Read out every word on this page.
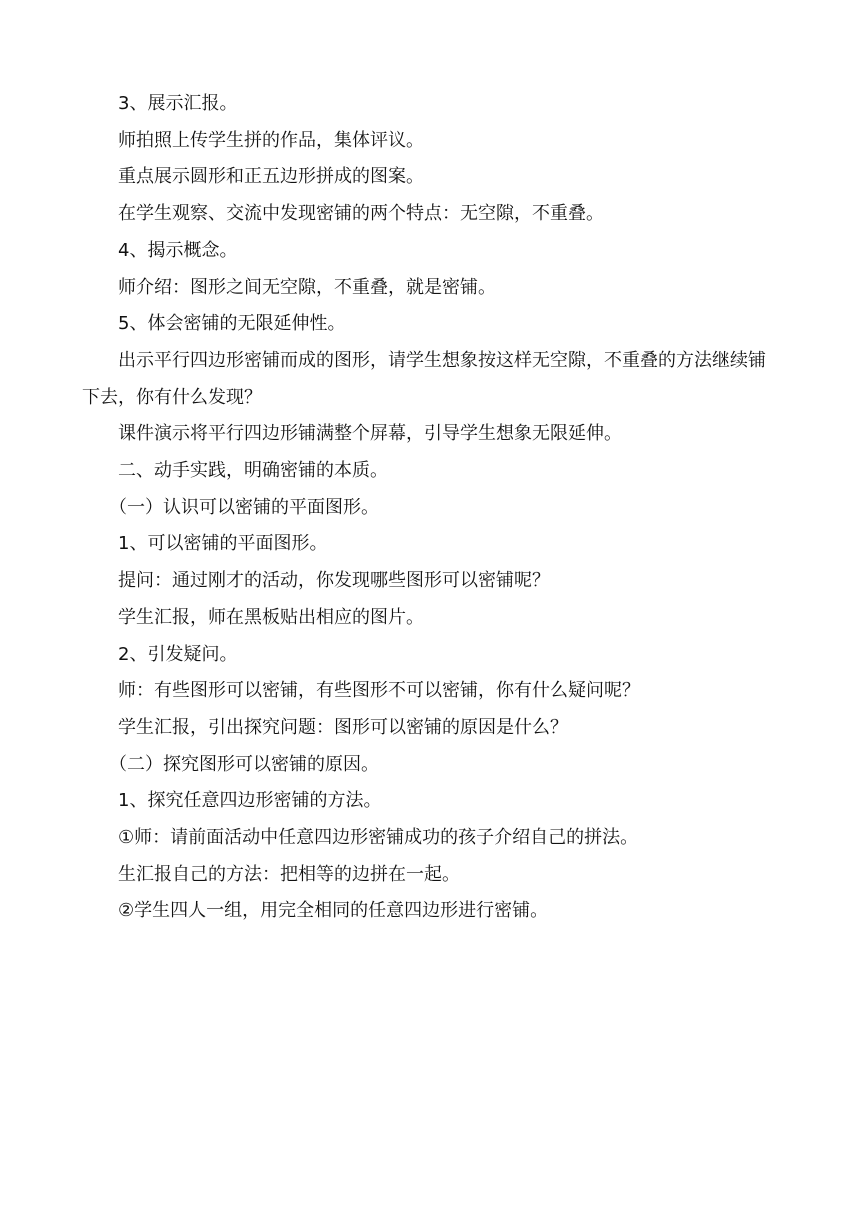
3、展示汇报。

师拍照上传学生拼的作品，集体评议。

重点展示圆形和正五边形拼成的图案。

在学生观察、交流中发现密铺的两个特点：无空隙，不重叠。

4、揭示概念。

师介绍：图形之间无空隙，不重叠，就是密铺。

5、体会密铺的无限延伸性。

出示平行四边形密铺而成的图形，请学生想象按这样无空隙，不重叠的方法继续铺下去，你有什么发现？

课件演示将平行四边形铺满整个屏幕，引导学生想象无限延伸。

二、动手实践，明确密铺的本质。

（一）认识可以密铺的平面图形。

1、可以密铺的平面图形。

提问：通过刚才的活动，你发现哪些图形可以密铺呢？

学生汇报，师在黑板贴出相应的图片。

2、引发疑问。

师：有些图形可以密铺，有些图形不可以密铺，你有什么疑问呢？

学生汇报，引出探究问题：图形可以密铺的原因是什么？

（二）探究图形可以密铺的原因。

1、探究任意四边形密铺的方法。

①师：请前面活动中任意四边形密铺成功的孩子介绍自己的拼法。

生汇报自己的方法：把相等的边拼在一起。

②学生四人一组，用完全相同的任意四边形进行密铺。
